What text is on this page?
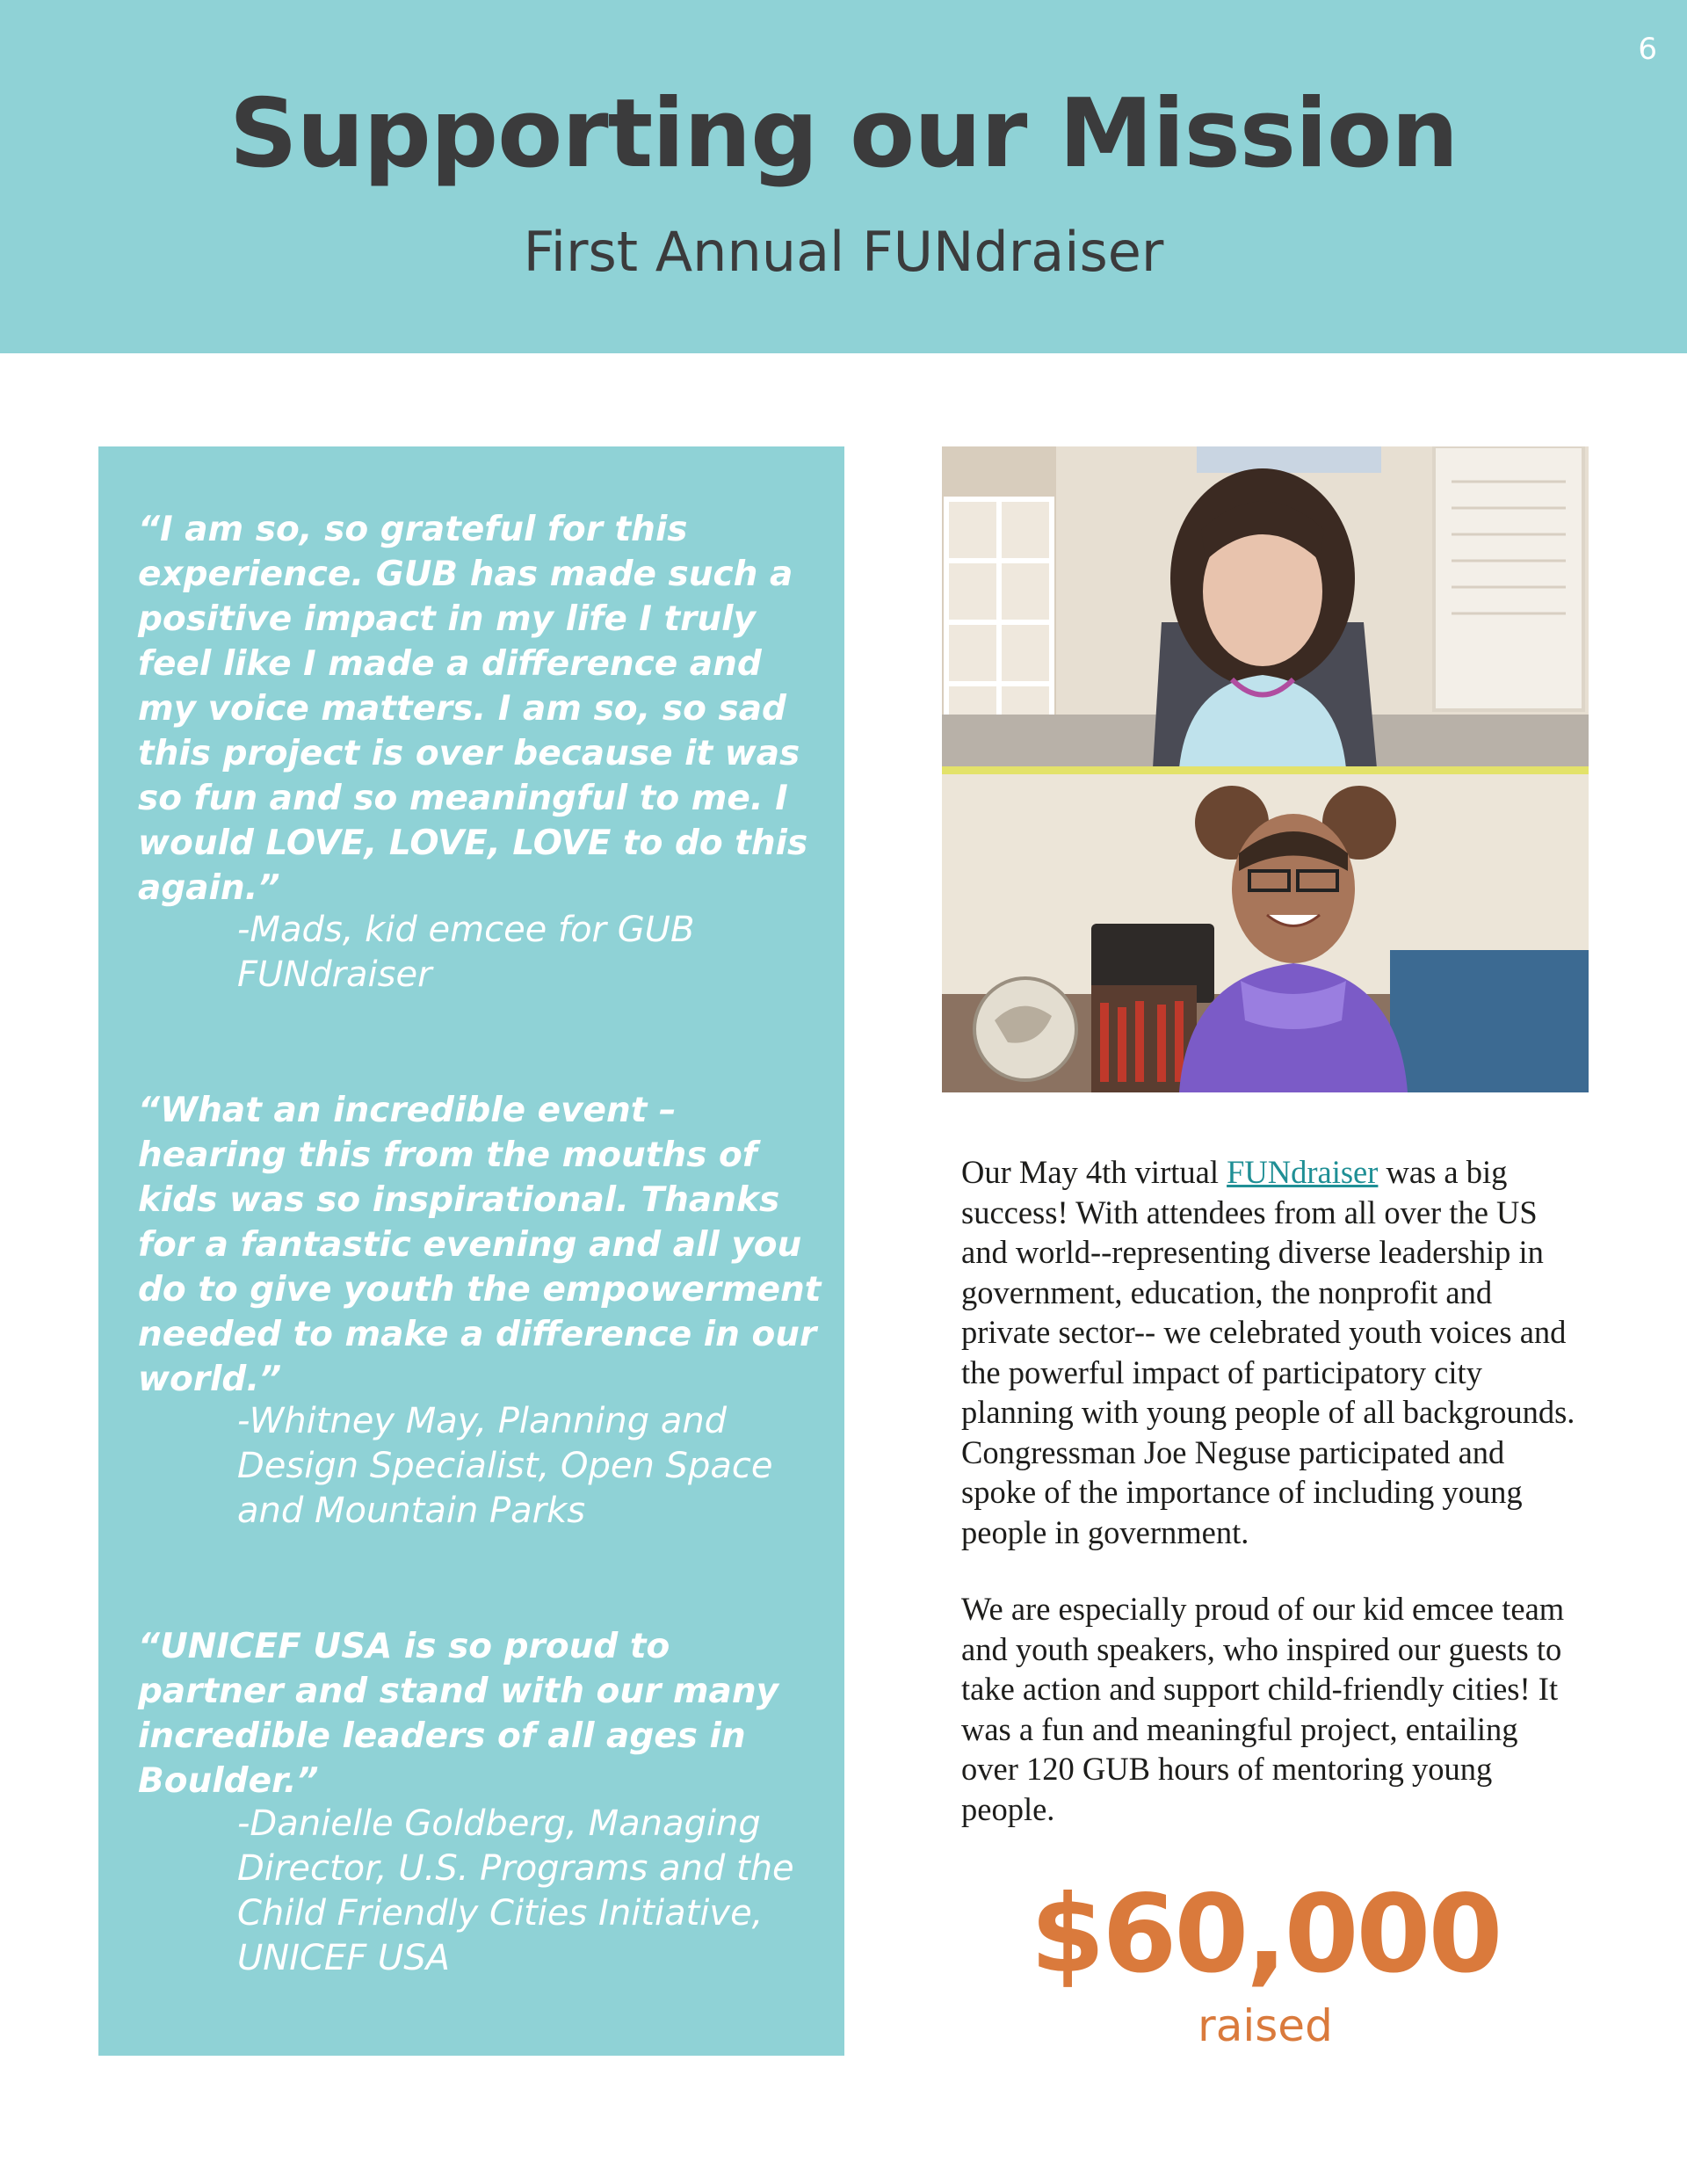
6
Supporting our Mission
First Annual FUNdraiser

“I am so, so grateful for this experience. GUB has made such a positive impact in my life I truly feel like I made a difference and my voice matters. I am so, so sad this project is over because it was so fun and so meaningful to me. I would LOVE, LOVE, LOVE to do this again.”

-Mads, kid emcee for GUB FUNdraiser

“What an incredible event – hearing this from the mouths of kids was so inspirational. Thanks for a fantastic evening and all you do to give youth the empowerment needed to make a difference in our world.”

-Whitney May, Planning and Design Specialist, Open Space and Mountain Parks

“UNICEF USA is so proud to partner and stand with our many incredible leaders of all ages in Boulder.”

-Danielle Goldberg, Managing Director, U.S. Programs and the Child Friendly Cities Initiative, UNICEF USA

Our May 4th virtual FUNdraiser was a big success! With attendees from all over the US and world--representing diverse leadership in government, education, the nonprofit and private sector-- we celebrated youth voices and the powerful impact of participatory city planning with young people of all backgrounds. Congressman Joe Neguse participated and spoke of the importance of including young people in government.

We are especially proud of our kid emcee team and youth speakers, who inspired our guests to take action and support child-friendly cities! It was a fun and meaningful project, entailing over 120 GUB hours of mentoring young people.

$60,000
raised
